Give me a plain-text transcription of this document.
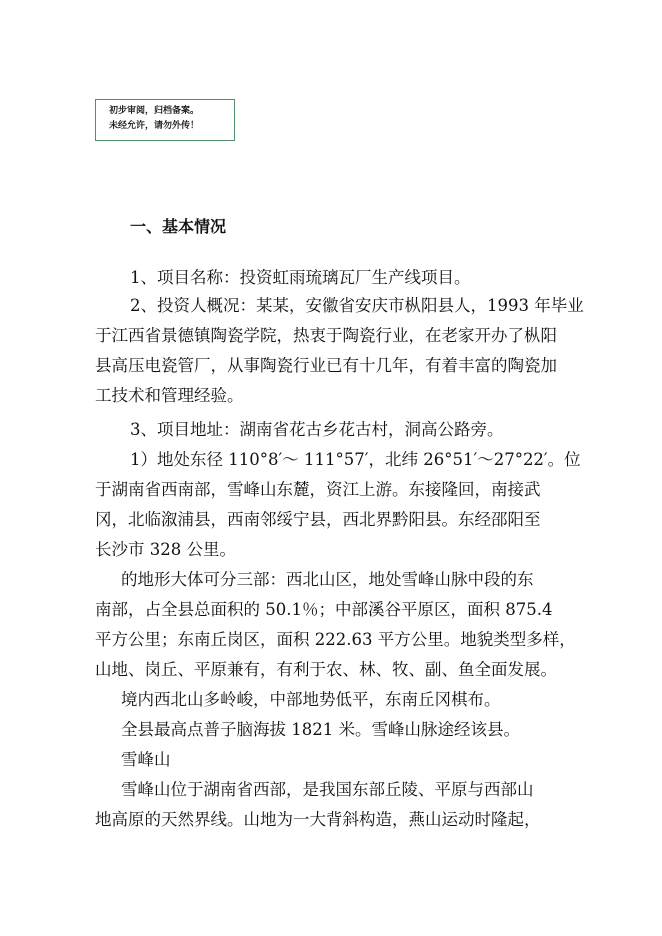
初步审阅，归档备案。
未经允许，请勿外传！
一、基本情况
1、项目名称：投资虹雨琉璃瓦厂生产线项目。
2、投资人概况：某某，安徽省安庆市枞阳县人，1993 年毕业
于江西省景德镇陶瓷学院，热衷于陶瓷行业，在老家开办了枞阳
县高压电瓷管厂，从事陶瓷行业已有十几年，有着丰富的陶瓷加
工技术和管理经验。
3、项目地址：湖南省花古乡花古村，洞高公路旁。
1）地处东径 110°8′～ 111°57′，北纬 26°51′～27°22′。位
于湖南省西南部，雪峰山东麓，资江上游。东接隆回，南接武
冈，北临溆浦县，西南邻绥宁县，西北界黔阳县。东经邵阳至
长沙市 328 公里。
的地形大体可分三部：西北山区，地处雪峰山脉中段的东
南部，占全县总面积的 50.1％；中部溪谷平原区，面积 875.4
平方公里；东南丘岗区，面积 222.63 平方公里。地貌类型多样，
山地、岗丘、平原兼有，有利于农、林、牧、副、鱼全面发展。
境内西北山多岭峻，中部地势低平，东南丘冈棋布。
全县最高点普子脑海拔 1821 米。雪峰山脉途经该县。
雪峰山
雪峰山位于湖南省西部，是我国东部丘陵、平原与西部山
地高原的天然界线。山地为一大背斜构造，燕山运动时隆起，
